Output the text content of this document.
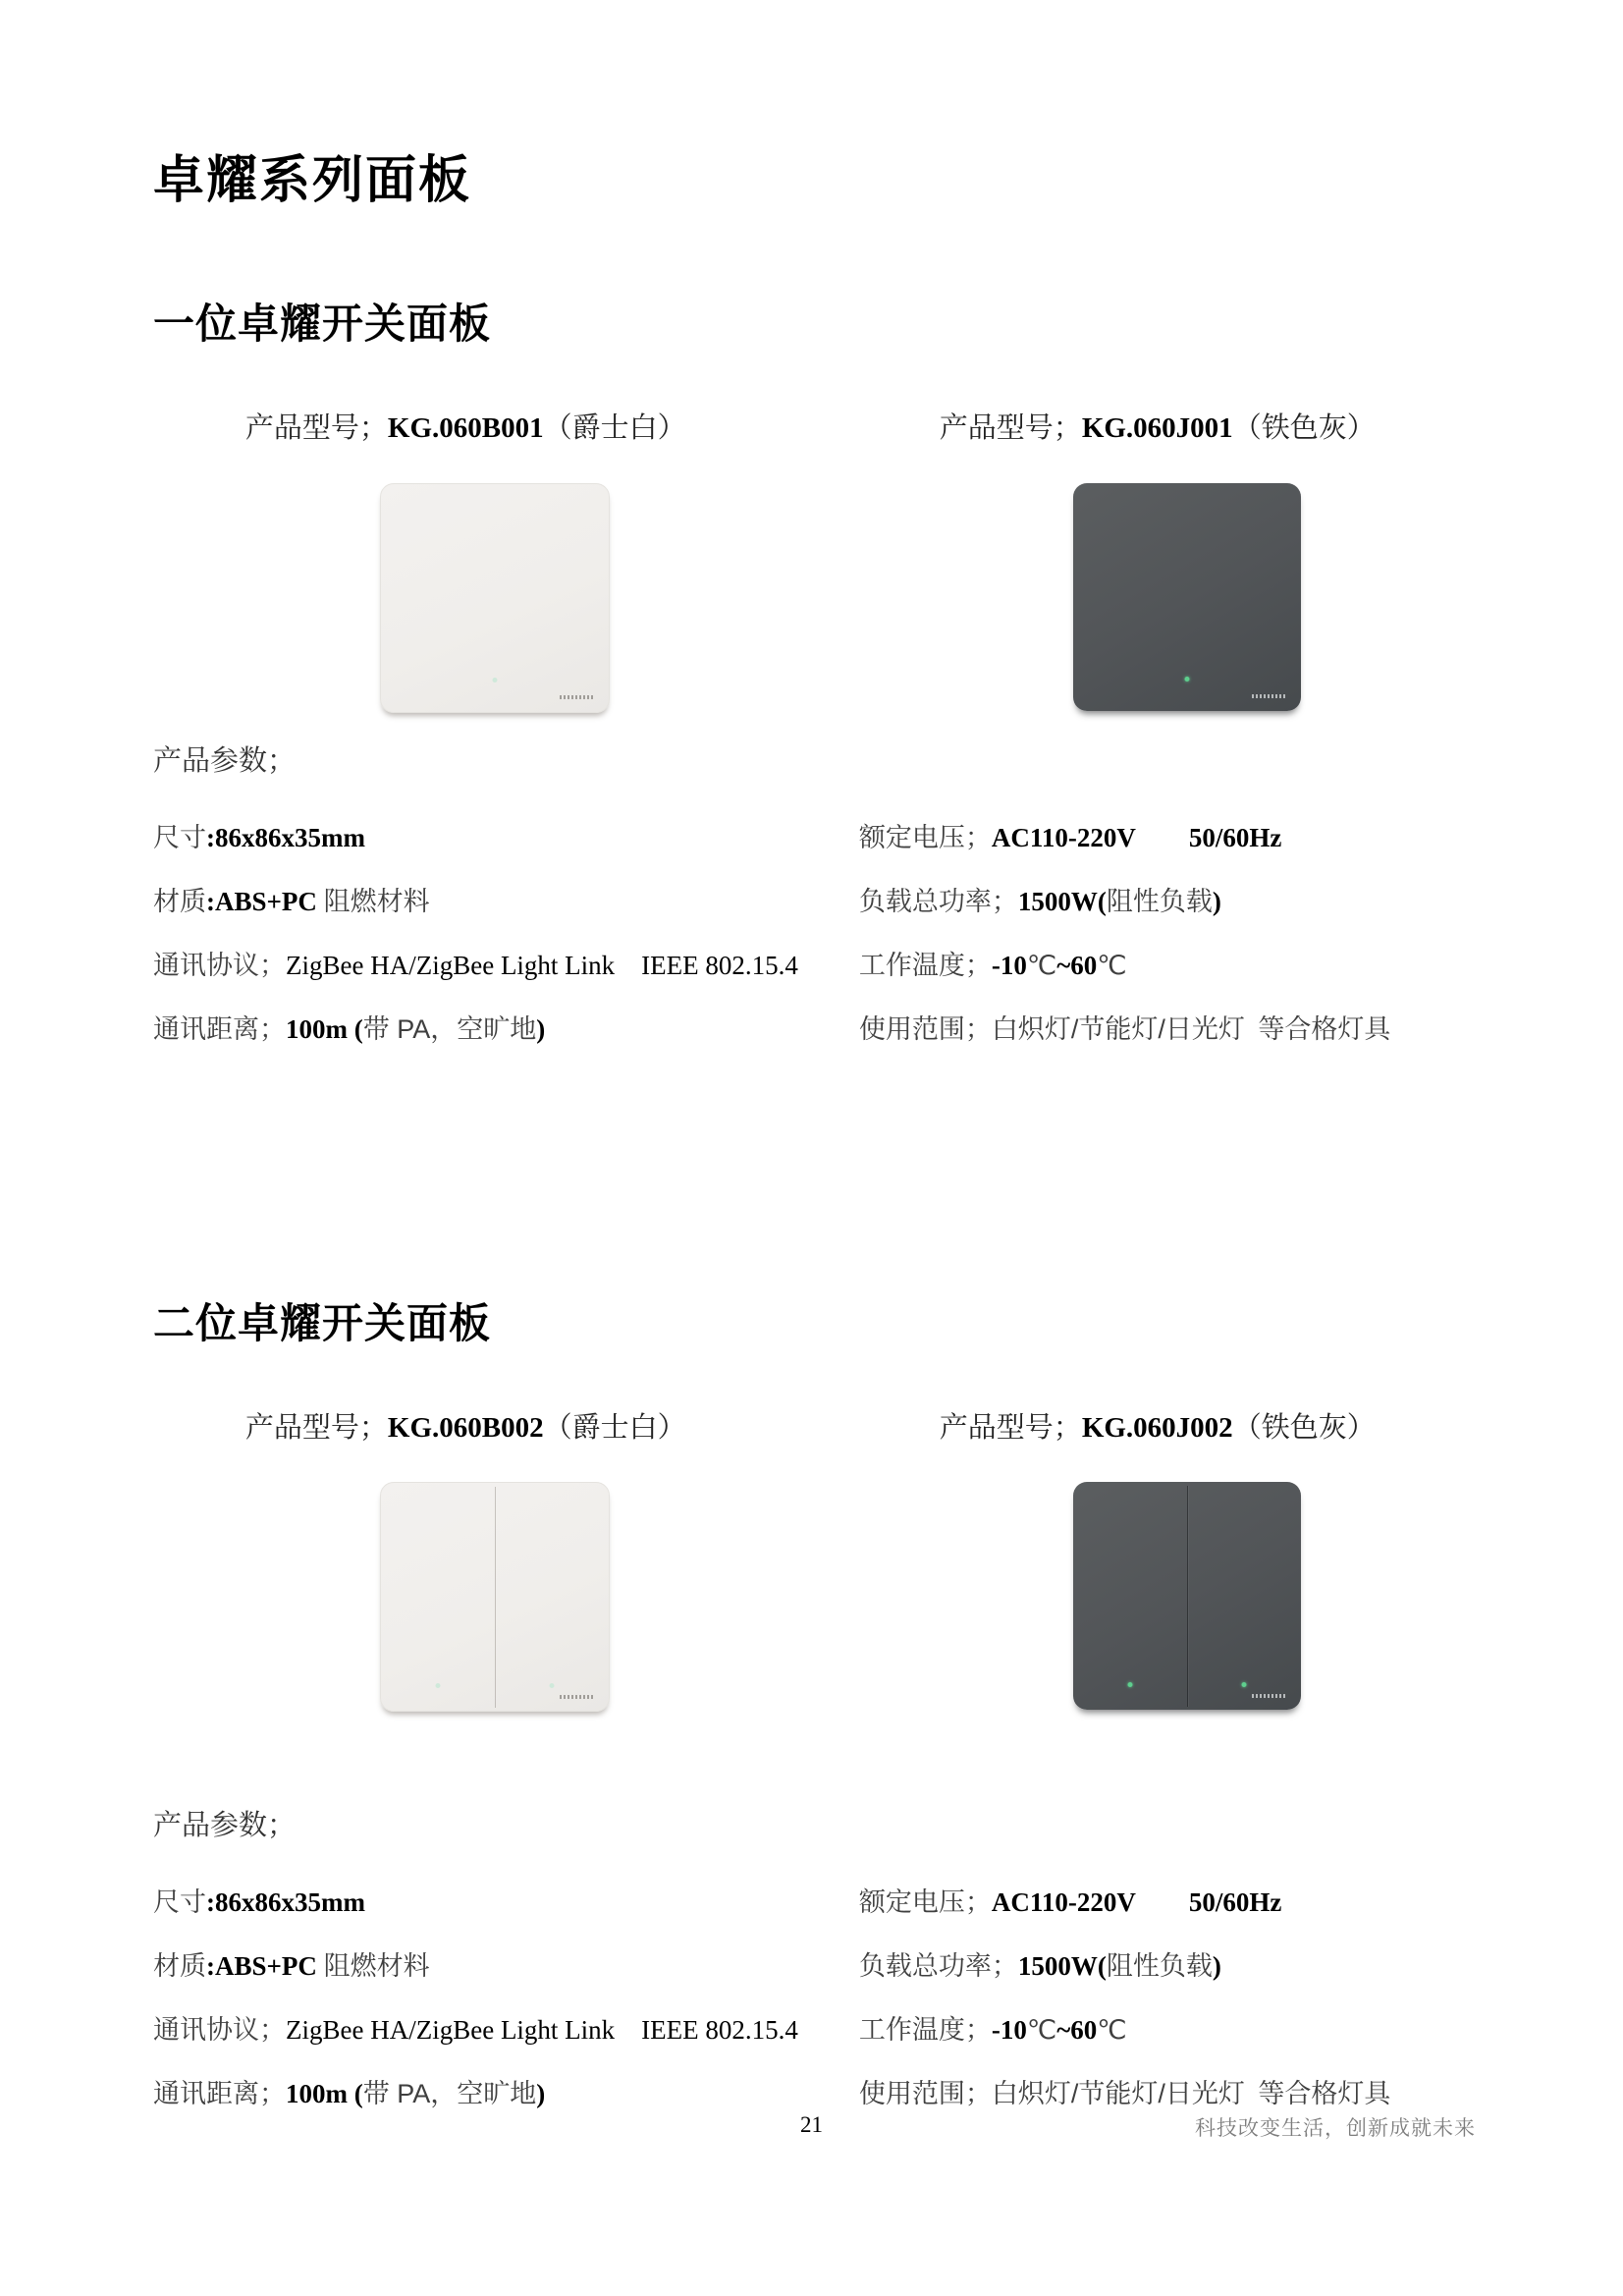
卓耀系列面板
一位卓耀开关面板

产品型号；KG.060B001（爵士白）	产品型号；KG.060J001（铁色灰）

产品参数；

尺寸:86x86x35mm

材质:ABS+PC 阻燃材料

通讯协议；ZigBee HA/ZigBee Light Link IEEE 802.15.4

通讯距离；100m (带 PA，空旷地)

额定电压；AC110-220V  50/60Hz

负载总功率；1500W(阻性负载)

工作温度；-10℃~60℃

使用范围；白炽灯/节能灯/日光灯 等合格灯具

二位卓耀开关面板

产品型号；KG.060B002（爵士白）	产品型号；KG.060J002（铁色灰）

产品参数；

尺寸:86x86x35mm

材质:ABS+PC 阻燃材料

通讯协议；ZigBee HA/ZigBee Light Link IEEE 802.15.4

通讯距离；100m (带 PA，空旷地)

额定电压；AC110-220V  50/60Hz

负载总功率；1500W(阻性负载)

工作温度；-10℃~60℃

使用范围；白炽灯/节能灯/日光灯 等合格灯具

21	科技改变生活，创新成就未来
